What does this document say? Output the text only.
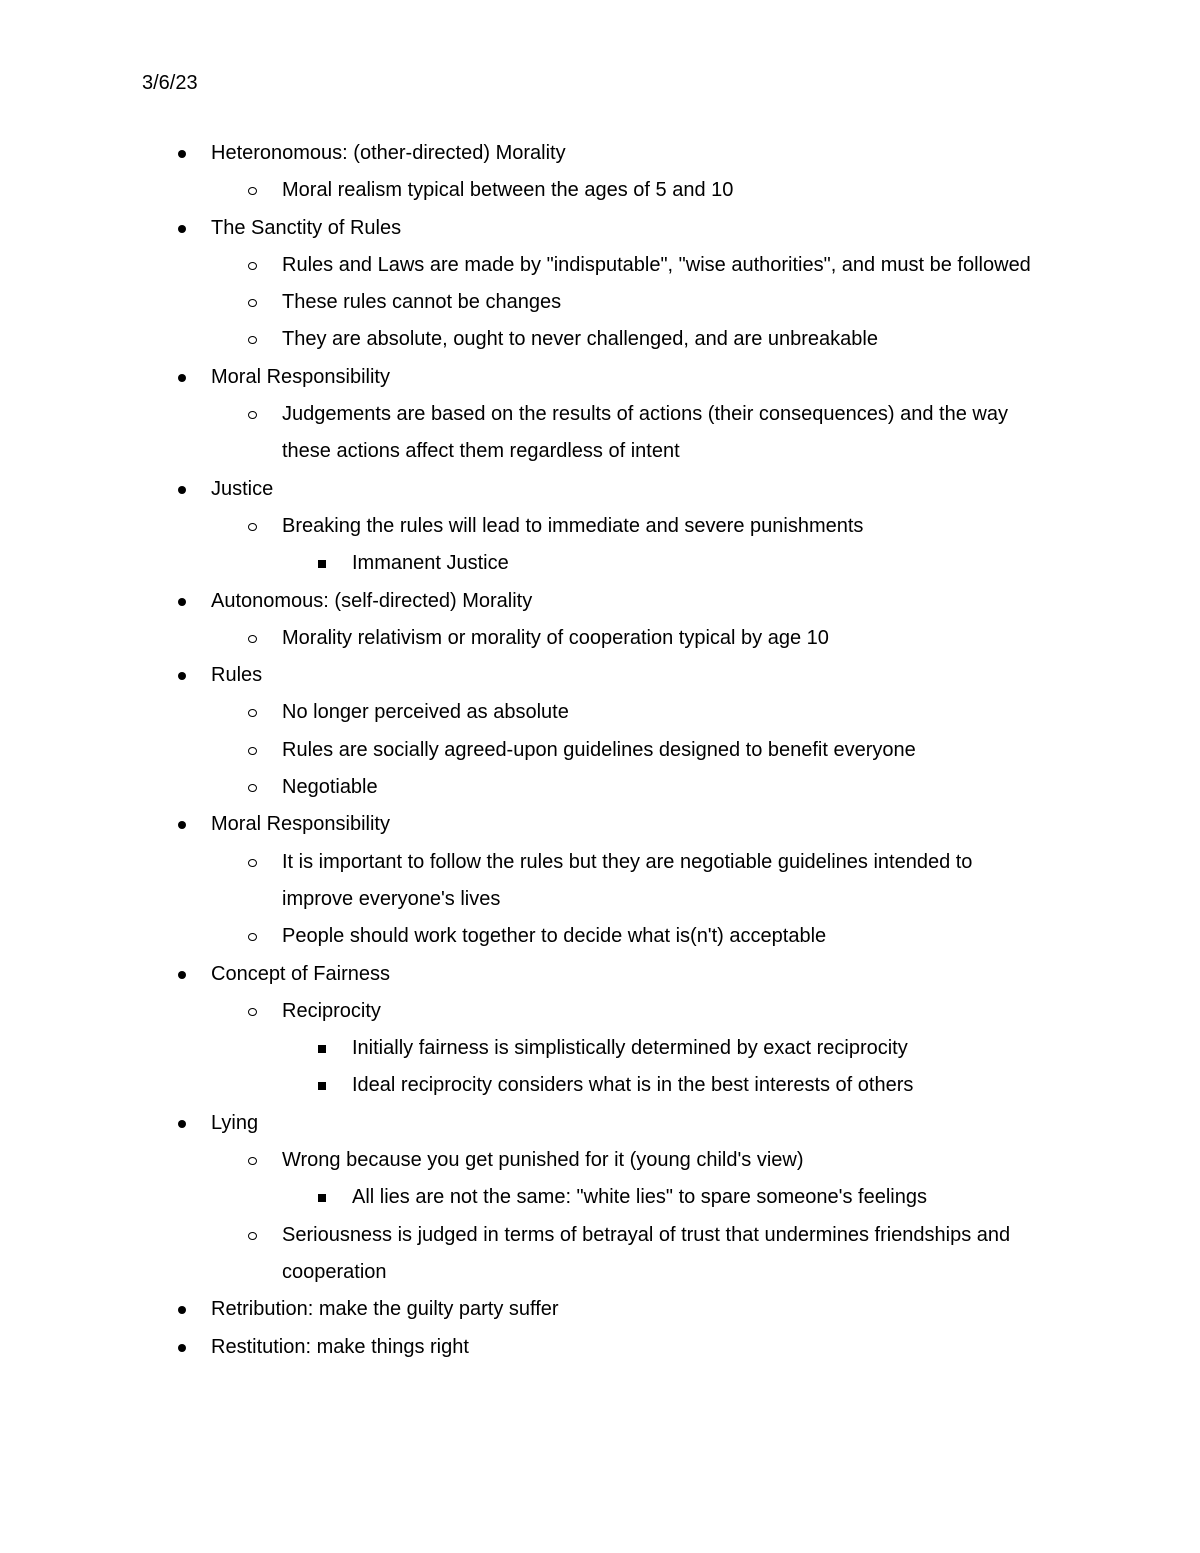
3/6/23
Heteronomous: (other-directed) Morality
Moral realism typical between the ages of 5 and 10
The Sanctity of Rules
Rules and Laws are made by "indisputable", "wise authorities", and must be followed
These rules cannot be changes
They are absolute, ought to never challenged, and are unbreakable
Moral Responsibility
Judgements are based on the results of actions (their consequences) and the way these actions affect them regardless of intent
Justice
Breaking the rules will lead to immediate and severe punishments
Immanent Justice
Autonomous: (self-directed) Morality
Morality relativism or morality of cooperation typical by age 10
Rules
No longer perceived as absolute
Rules are socially agreed-upon guidelines designed to benefit everyone
Negotiable
Moral Responsibility
It is important to follow the rules but they are negotiable guidelines intended to improve everyone's lives
People should work together to decide what is(n't) acceptable
Concept of Fairness
Reciprocity
Initially fairness is simplistically determined by exact reciprocity
Ideal reciprocity considers what is in the best interests of others
Lying
Wrong because you get punished for it (young child's view)
All lies are not the same: "white lies" to spare someone's feelings
Seriousness is judged in terms of betrayal of trust that undermines friendships and cooperation
Retribution: make the guilty party suffer
Restitution: make things right
